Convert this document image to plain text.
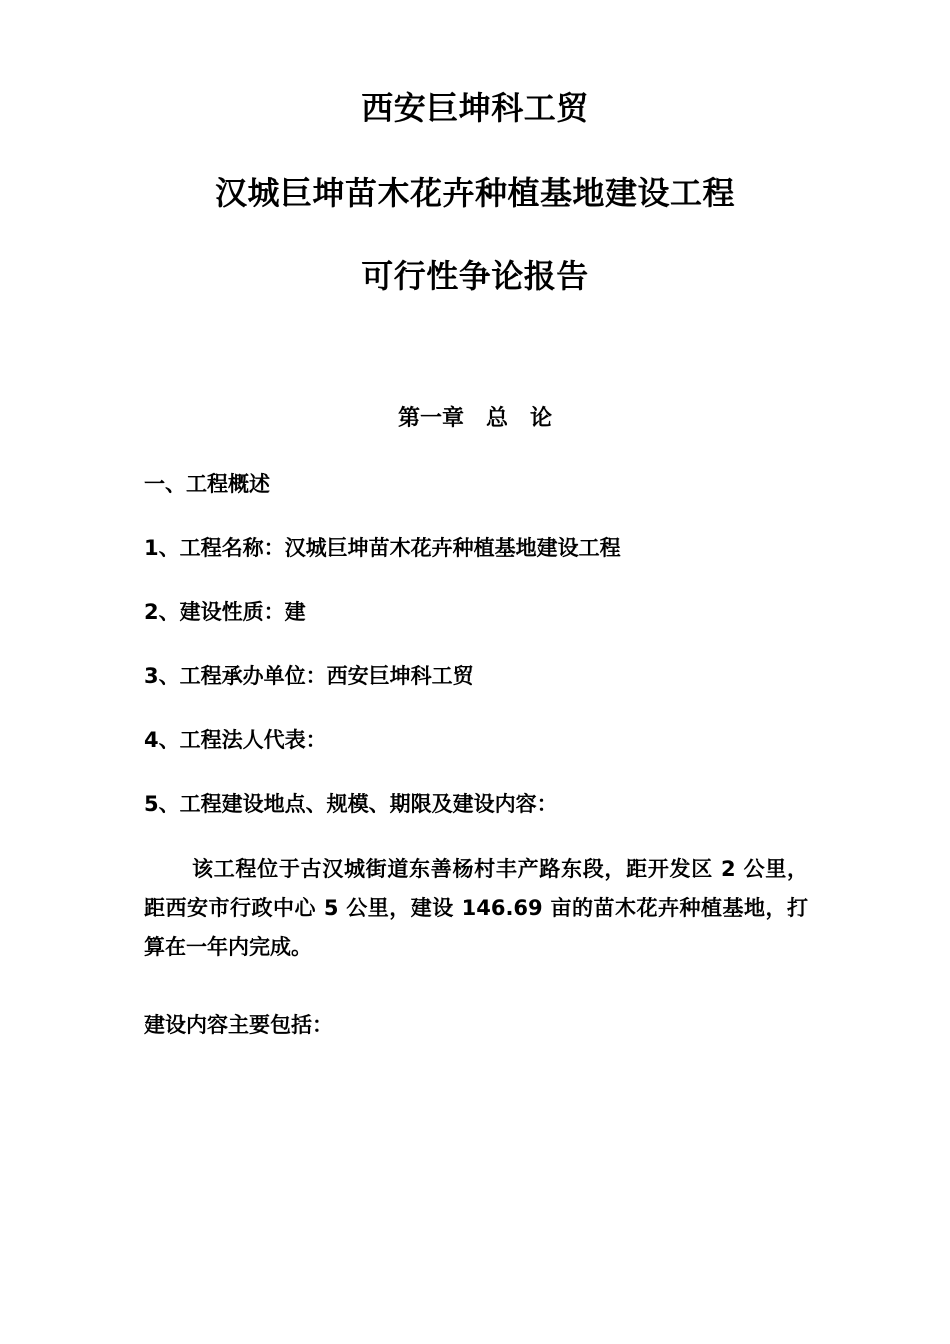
西安巨坤科工贸
汉城巨坤苗木花卉种植基地建设工程
可行性争论报告
第一章 总 论
一、工程概述
1、工程名称：汉城巨坤苗木花卉种植基地建设工程
2、建设性质：建
3、工程承办单位：西安巨坤科工贸
4、工程法人代表：
5、工程建设地点、规模、期限及建设内容：
该工程位于古汉城街道东善杨村丰产路东段，距开发区 2 公里，距西安市行政中心 5 公里，建设 146.69 亩的苗木花卉种植基地，打算在一年内完成。
建设内容主要包括：
